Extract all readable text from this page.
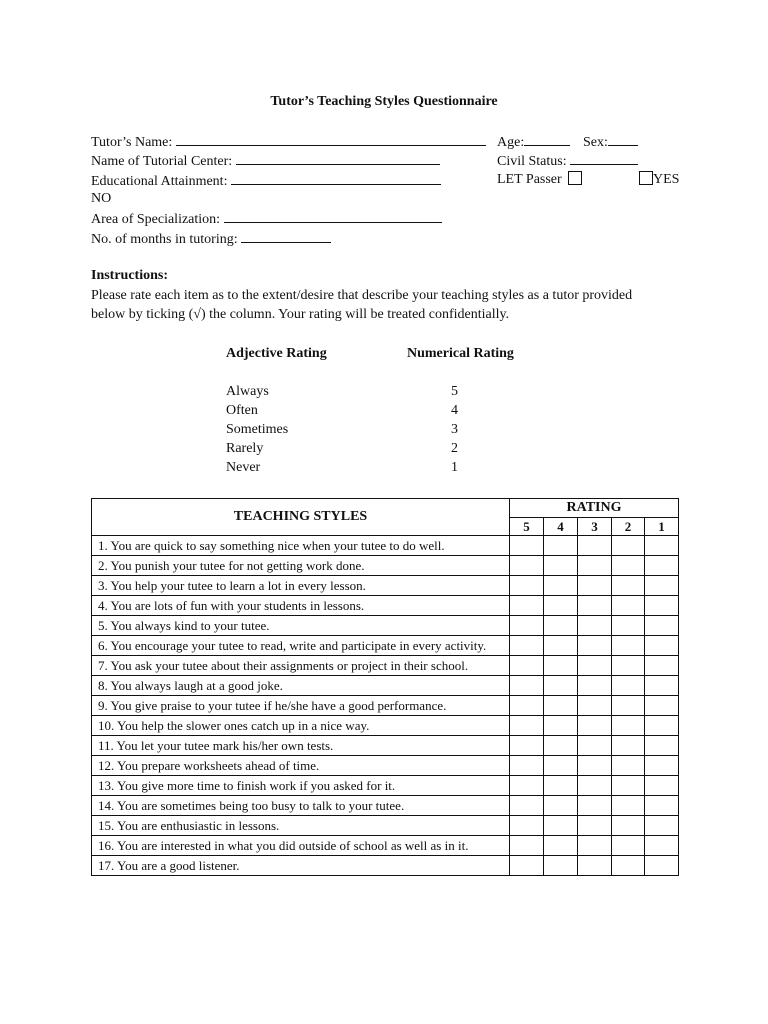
Tutor’s Teaching Styles Questionnaire
Tutor’s Name:	Age:	Sex:
Name of Tutorial Center:	Civil Status:
Educational Attainment:	LET Passer	YES
NO
Area of Specialization:
No. of months in tutoring:
Instructions:
Please rate each item as to the extent/desire that describe your teaching styles as a tutor provided
below by ticking (√) the column. Your rating will be treated confidentially.
Adjective Rating	Numerical Rating
Always	5
Often	4
Sometimes	3
Rarely	2
Never	1
TEACHING STYLES	RATING				
	5	4	3	2	1
1. You are quick to say something nice when your tutee to do well.					
2. You punish your tutee for not getting work done.					
3. You help your tutee to learn a lot in every lesson.					
4. You are lots of fun with your students in lessons.					
5. You always kind to your tutee.					
6. You encourage your tutee to read, write and participate in every activity.					
7. You ask your tutee about their assignments or project in their school.					
8. You always laugh at a good joke.					
9. You give praise to your tutee if he/she have a good performance.					
10. You help the slower ones catch up in a nice way.					
11. You let your tutee mark his/her own tests.					
12. You prepare worksheets ahead of time.					
13. You give more time to finish work if you asked for it.					
14. You are sometimes being too busy to talk to your tutee.					
15. You are enthusiastic in lessons.					
16. You are interested in what you did outside of school as well as in it.					
17. You are a good listener.					
